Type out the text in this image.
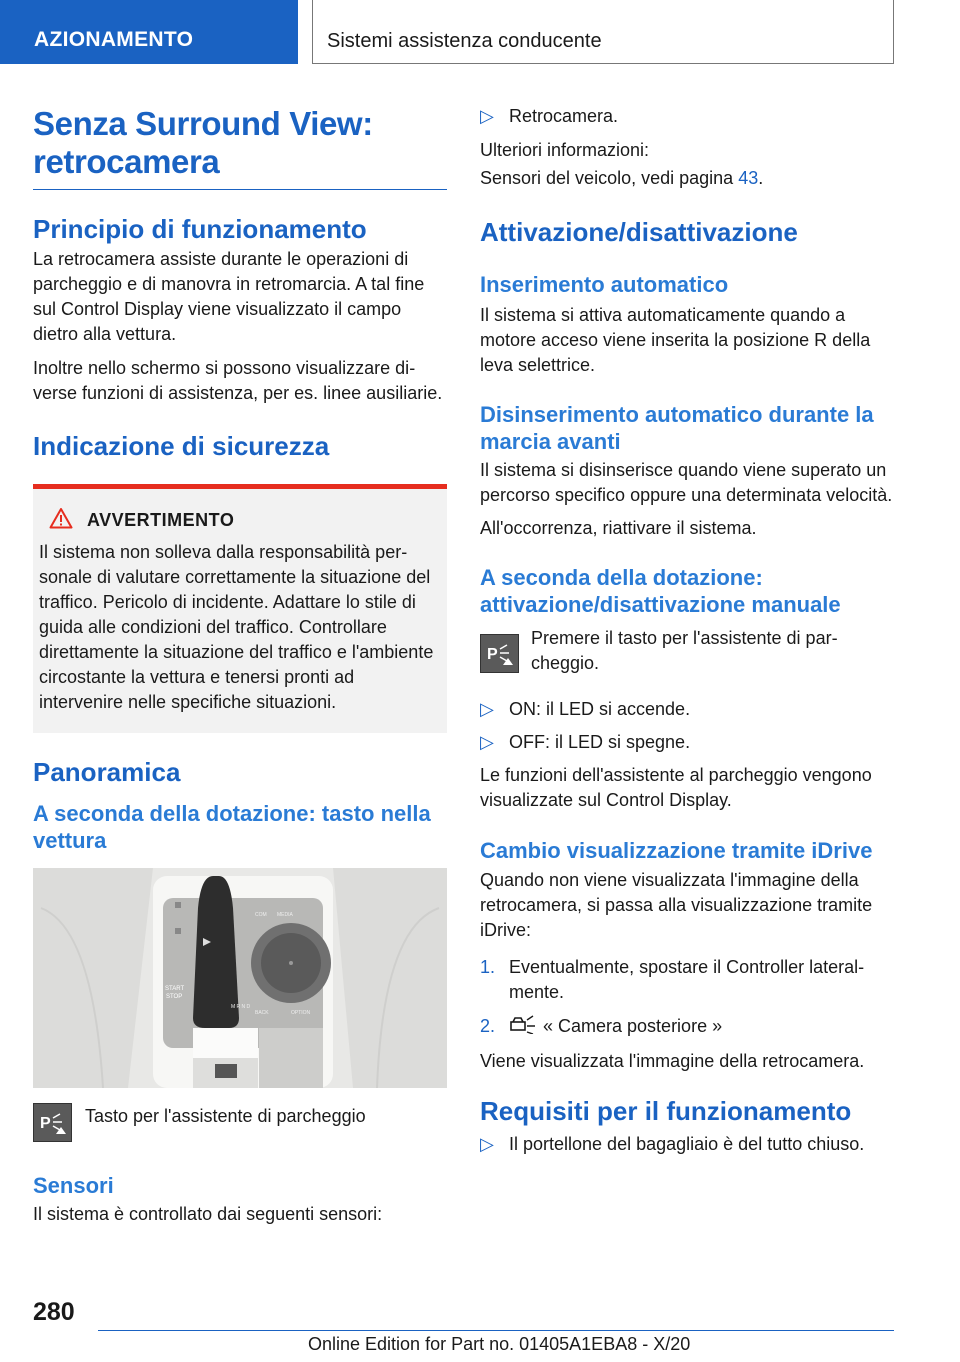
AZIONAMENTO	Sistemi assistenza conducente
Senza Surround View: retrocamera
Principio di funzionamento

La retrocamera assiste durante le operazioni di parcheggio e di manovra in retromarcia. A tal fine sul Control Display viene visualizzato il campo dietro alla vettura.

Inoltre nello schermo si possono visualizzare diverse funzioni di assistenza, per es. linee ausiliarie.

Indicazione di sicurezza
AVVERTIMENTO

Il sistema non solleva dalla responsabilità personale di valutare correttamente la situazione del traffico. Pericolo di incidente. Adattare lo stile di guida alle condizioni del traffico. Controllare direttamente la situazione del traffico e l'ambiente circostante la vettura e tenersi pronti ad intervenire nelle specifiche situazioni.

Panoramica
A seconda della dotazione: tasto nella vettura
START
STOP
COM MEDIA
BACK	OPTION
M R N D
P Tasto per l'assistente di parcheggio

Sensori

Il sistema è controllato dai seguenti sensori:

▷ Retrocamera.

Ulteriori informazioni:

Sensori del veicolo, vedi pagina 43.

Attivazione/disattivazione
Inserimento automatico

Il sistema si attiva automaticamente quando a motore acceso viene inserita la posizione R della leva selettrice.

Disinserimento automatico durante la marcia avanti

Il sistema si disinserisce quando viene superato un percorso specifico oppure una determinata velocità.

All'occorrenza, riattivare il sistema.

A seconda della dotazione: attivazione/disattivazione manuale
P

Premere il tasto per l'assistente di parcheggio.

▷ ON: il LED si accende.
▷ OFF: il LED si spegne.

Le funzioni dell'assistente al parcheggio vengono visualizzate sul Control Display.

Cambio visualizzazione tramite iDrive

Quando non viene visualizzata l'immagine della retrocamera, si passa alla visualizzazione tramite iDrive:

1. Eventualmente, spostare il Controller lateralmente.
2.	« Camera posteriore »

Viene visualizzata l'immagine della retrocamera.

Requisiti per il funzionamento
▷ Il portellone del bagagliaio è del tutto chiuso.
280
Online Edition for Part no. 01405A1EBA8 - X/20
